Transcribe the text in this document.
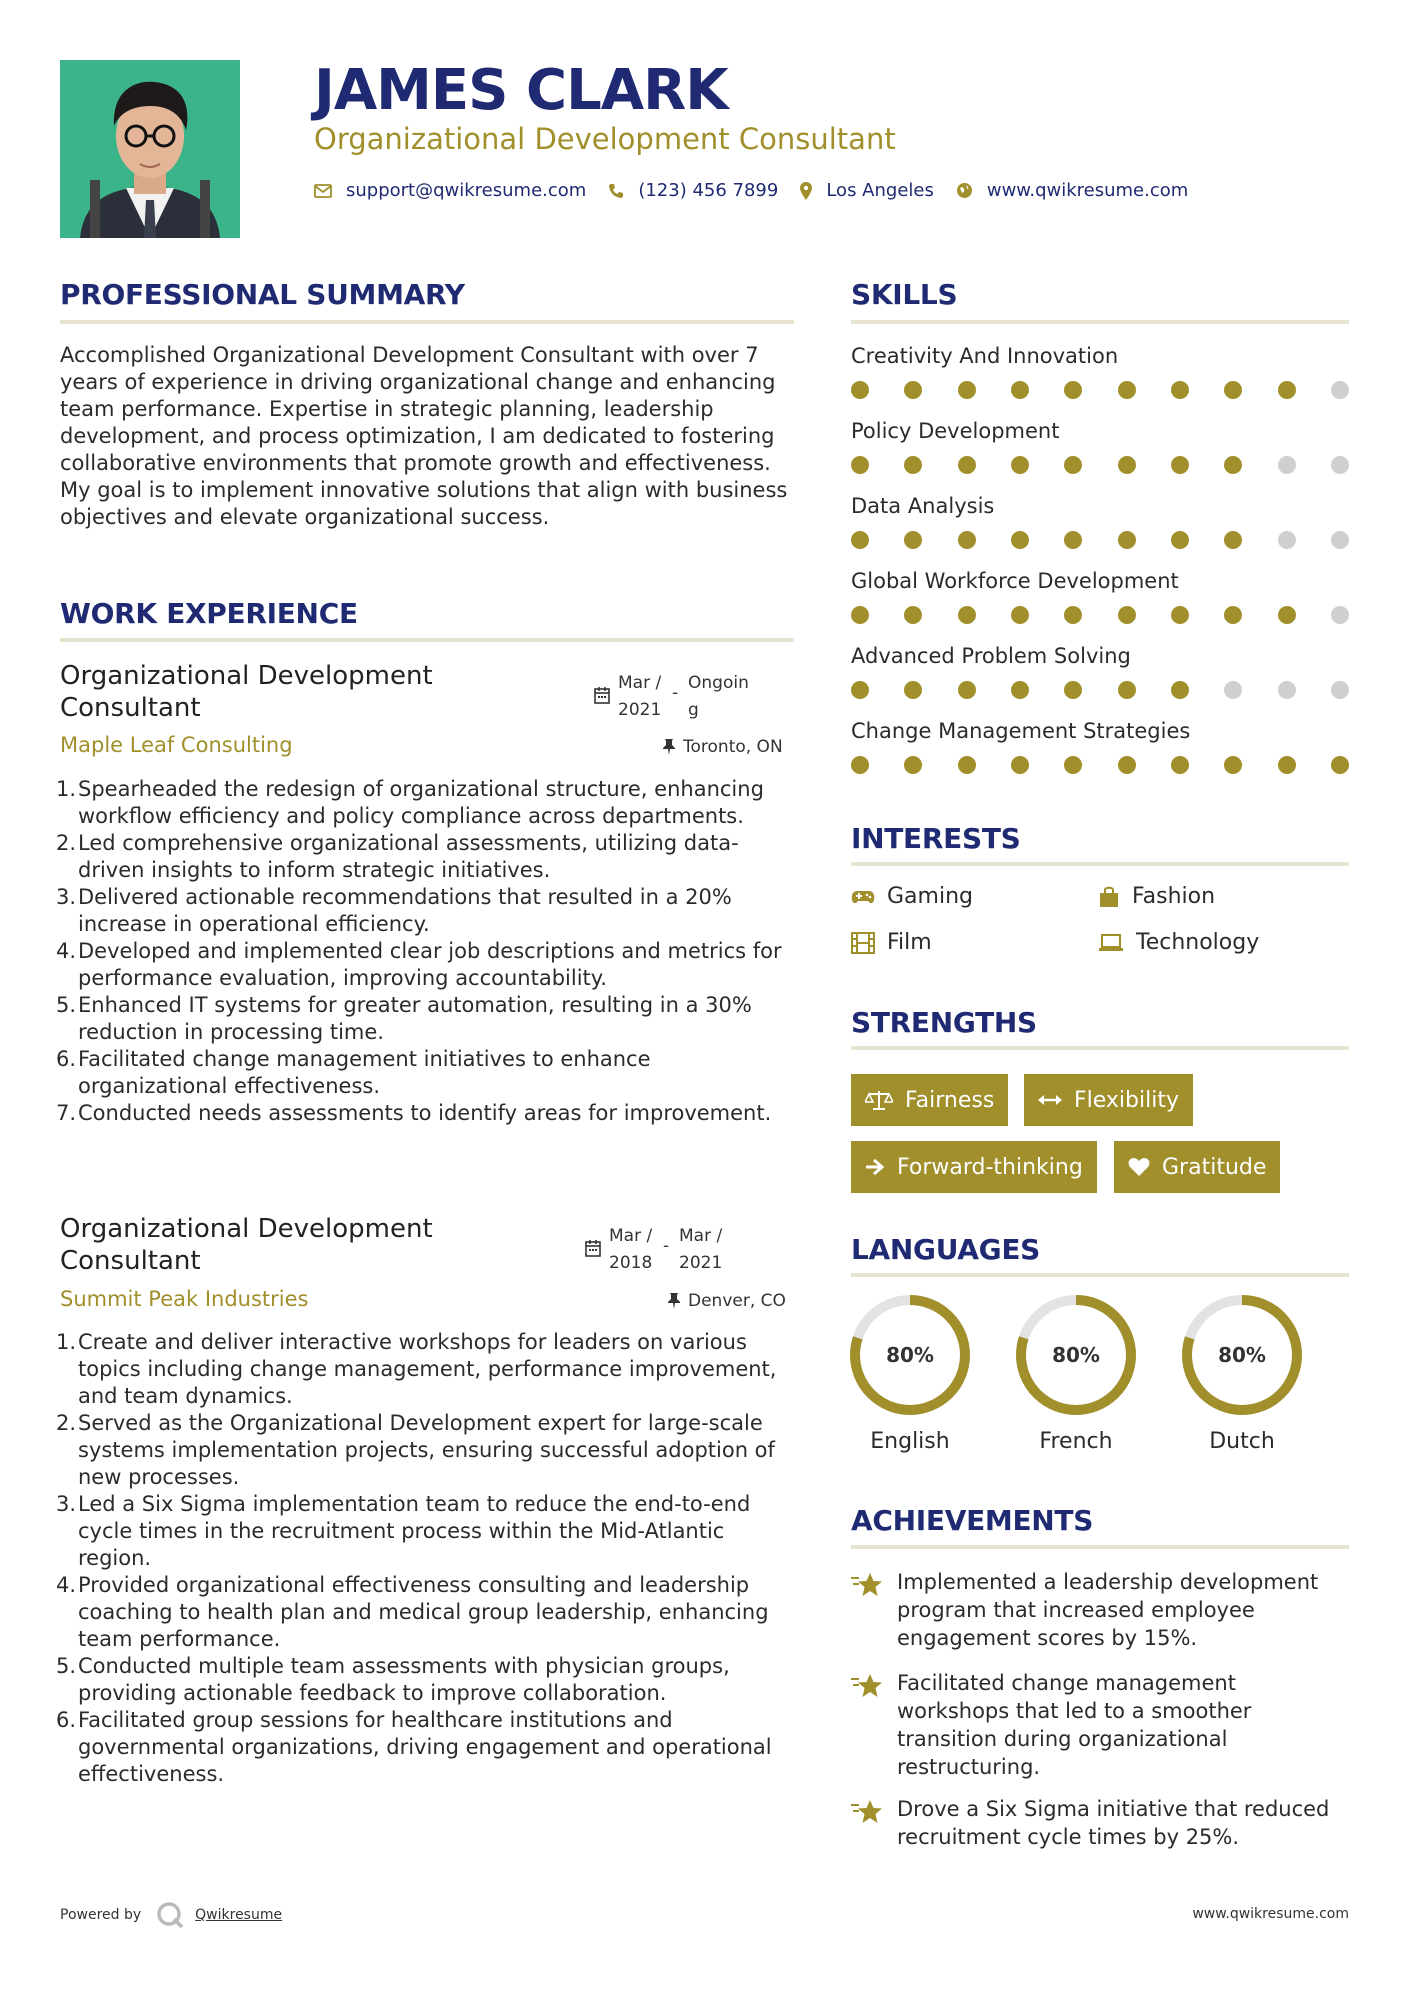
JAMES CLARK
Organizational Development Consultant
support@qwikresume.com	(123) 456 7899	Los Angeles	www.qwikresume.com
PROFESSIONAL SUMMARY
Accomplished Organizational Development Consultant with over 7 years of experience in driving organizational change and enhancing team performance. Expertise in strategic planning, leadership development, and process optimization, I am dedicated to fostering collaborative environments that promote growth and effectiveness. My goal is to implement innovative solutions that align with business objectives and elevate organizational success.
WORK EXPERIENCE
Organizational Development Consultant
Mar /
2021
- Ongoin
g
Maple Leaf Consulting	Toronto, ON
1. Spearheaded the redesign of organizational structure, enhancing workflow efficiency and policy compliance across departments.
2. Led comprehensive organizational assessments, utilizing data-driven insights to inform strategic initiatives.
3. Delivered actionable recommendations that resulted in a 20% increase in operational efficiency.
4. Developed and implemented clear job descriptions and metrics for performance evaluation, improving accountability.
5. Enhanced IT systems for greater automation, resulting in a 30% reduction in processing time.
6. Facilitated change management initiatives to enhance organizational effectiveness.
7. Conducted needs assessments to identify areas for improvement.
Organizational Development Consultant
Mar /
2018
- Mar /
2021
Summit Peak Industries	Denver, CO
1. Create and deliver interactive workshops for leaders on various topics including change management, performance improvement, and team dynamics.
2. Served as the Organizational Development expert for large-scale systems implementation projects, ensuring successful adoption of new processes.
3. Led a Six Sigma implementation team to reduce the end-to-end cycle times in the recruitment process within the Mid-Atlantic region.
4. Provided organizational effectiveness consulting and leadership coaching to health plan and medical group leadership, enhancing team performance.
5. Conducted multiple team assessments with physician groups, providing actionable feedback to improve collaboration.
6. Facilitated group sessions for healthcare institutions and governmental organizations, driving engagement and operational effectiveness.
SKILLS
Creativity And Innovation
Policy Development
Data Analysis
Global Workforce Development
Advanced Problem Solving
Change Management Strategies
INTERESTS
Gaming	Fashion
Film	Technology
STRENGTHS
Fairness	Flexibility
Forward-thinking	Gratitude
LANGUAGES
80%
English
80%
French
80%
Dutch
ACHIEVEMENTS
Implemented a leadership development program that increased employee engagement scores by 15%.
Facilitated change management workshops that led to a smoother transition during organizational restructuring.
Drove a Six Sigma initiative that reduced recruitment cycle times by 25%.
Powered by	Qwikresume	www.qwikresume.com
